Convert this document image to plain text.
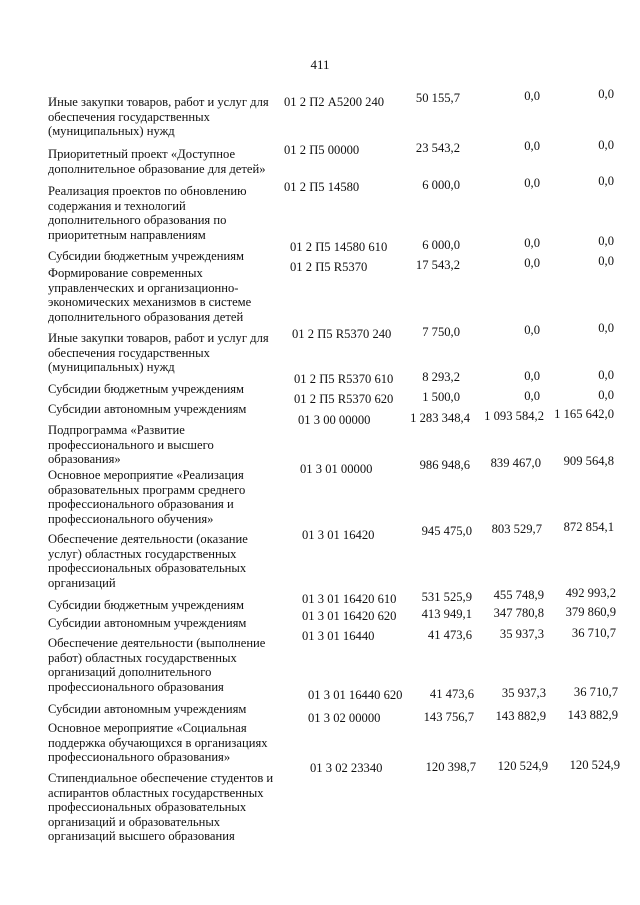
411
Иные закупки товаров, работ и услуг для обеспечения государственных (муниципальных) нужд
01 2 П2 А5200 240	50 155,7	0,0	0,0
Приоритетный проект «Доступное дополнительное образование для детей»
01 2 П5 00000	23 543,2	0,0	0,0
Реализация проектов по обновлению содержания и технологий дополнительного образования по приоритетным направлениям
01 2 П5 14580	6 000,0	0,0	0,0
Субсидии бюджетным учреждениям
01 2 П5 14580 610	6 000,0	0,0	0,0
Формирование современных управленческих и организационно-экономических механизмов в системе дополнительного образования детей
01 2 П5 R5370	17 543,2	0,0	0,0
Иные закупки товаров, работ и услуг для обеспечения государственных (муниципальных) нужд
01 2 П5 R5370 240 7 750,0	0,0	0,0
Субсидии бюджетным учреждениям
01 2 П5 R5370 610 8 293,2	0,0	0,0
Субсидии автономным учреждениям
01 2 П5 R5370 620 1 500,0	0,0	0,0
Подпрограмма «Развитие профессионального и высшего образования»
01 3 00 00000	1 283 348,4 1 093 584,2 1 165 642,0
Основное мероприятие «Реализация образовательных программ среднего профессионального образования и профессионального обучения»
01 3 01 00000	986 948,6 839 467,0 909 564,8
Обеспечение деятельности (оказание услуг) областных государственных профессиональных образовательных организаций
01 3 01 16420	945 475,0 803 529,7 872 854,1
Субсидии бюджетным учреждениям	01 3 01 16420 610 531 525,9 455 748,9 492 993,2
Субсидии автономным учреждениям	01 3 01 16420 620 413 949,1 347 780,8 379 860,9
Обеспечение деятельности (выполнение работ) областных государственных организаций дополнительного профессионального образования
01 3 01 16440	41 473,6 35 937,3 36 710,7
Субсидии автономным учреждениям
01 3 01 16440 620 41 473,6 35 937,3 36 710,7
Основное мероприятие «Социальная поддержка обучающихся в организациях профессионального образования»
01 3 02 00000	143 756,7 143 882,9 143 882,9
Стипендиальное обеспечение студентов и аспирантов областных государственных профессиональных образовательных организаций и образовательных организаций высшего образования
01 3 02 23340	120 398,7 120 524,9 120 524,9
